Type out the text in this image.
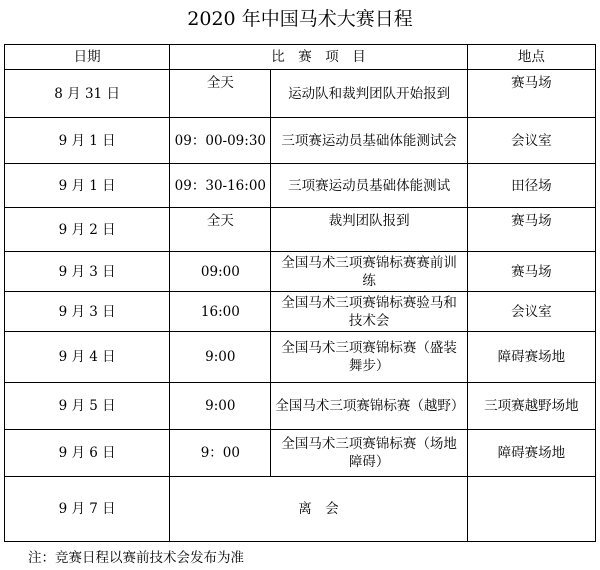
2020 年中国马术大赛日程
日期	比　赛　项　目		地点
8 月 31 日	全天	运动队和裁判团队开始报到	赛马场
9 月 1 日	09：00-09:30	三项赛运动员基础体能测试会	会议室
9 月 1 日	09：30-16:00	三项赛运动员基础体能测试	田径场
9 月 2 日	全天	裁判团队报到	赛马场
9 月 3 日	09:00	全国马术三项赛锦标赛赛前训练	赛马场
9 月 3 日	16:00	全国马术三项赛锦标赛验马和技术会	会议室
9 月 4 日	9:00	全国马术三项赛锦标赛（盛装舞步）	障碍赛场地
9 月 5 日	9:00	全国马术三项赛锦标赛（越野）	三项赛越野场地
9 月 6 日	9：00	全国马术三项赛锦标赛（场地障碍）	障碍赛场地
9 月 7 日	离　会		
注：竞赛日程以赛前技术会发布为准
